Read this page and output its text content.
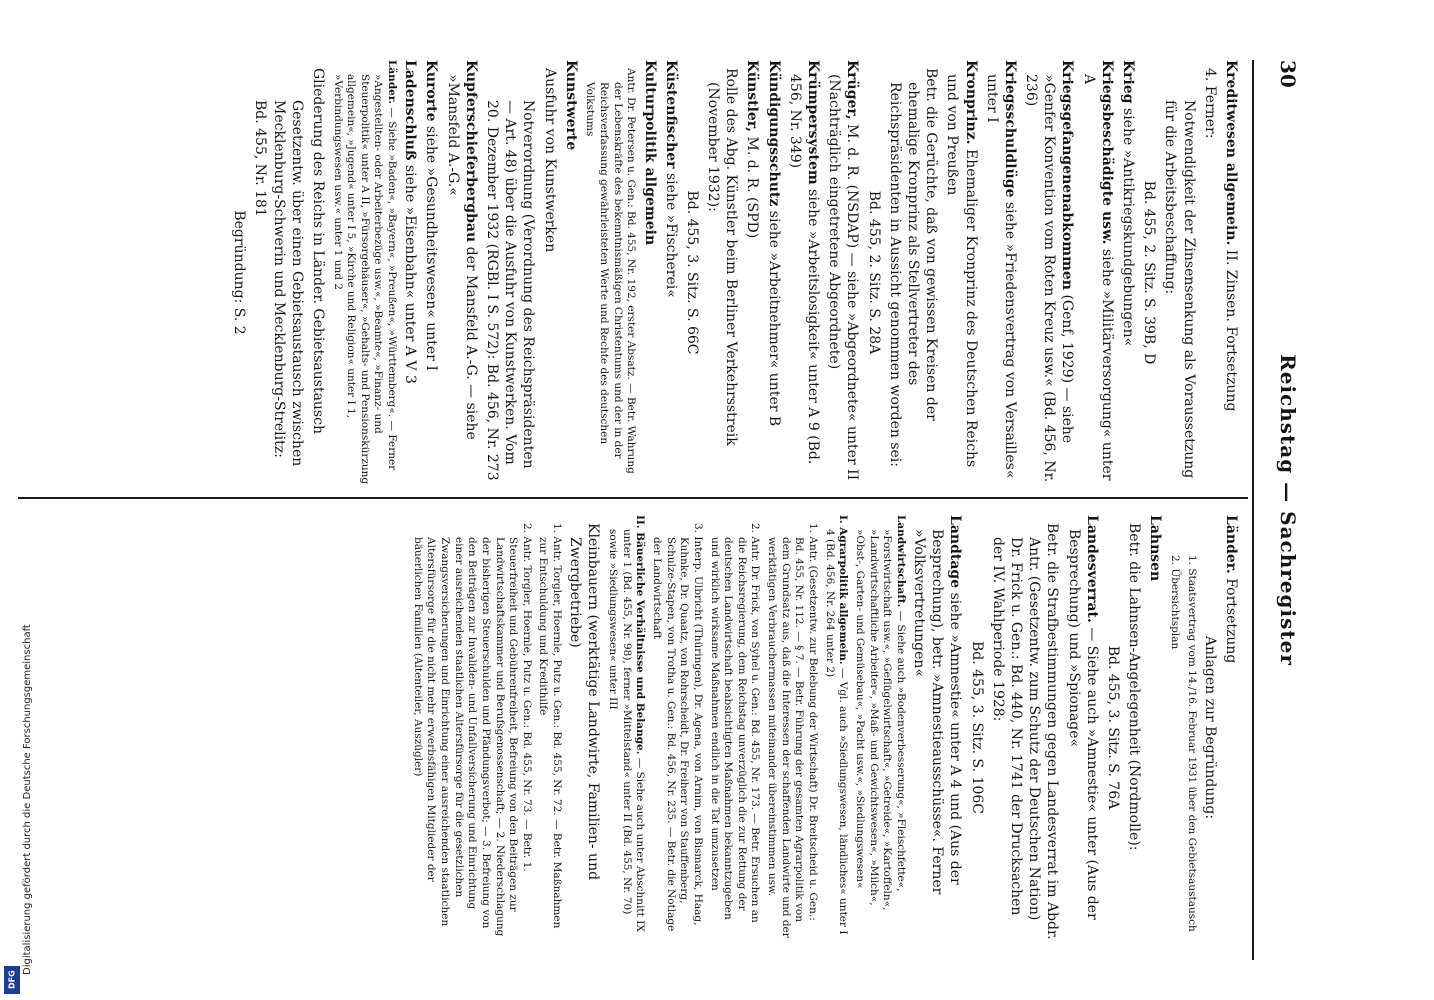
30
Reichstag — Sachregister

Kreditwesen allgemein. II. Zinsen. Fortsetzung

4. Ferner:

Notwendigkeit der Zinsensenkung als Voraussetzung für die Arbeitsbeschaffung:

Bd. 455, 2. Sitz. S. 39B, D

Krieg siehe »Antikriegskundgebungen«

Kriegsbeschädigte usw. siehe »Militärversorgung« unter A

Kriegsgefangenenabkommen (Genf, 1929) — siehe »Genfer Konvention vom Roten Kreuz usw.« (Bd. 456, Nr. 236)

Kriegsschuldlüge siehe »Friedensvertrag von Versailles« unter I

Kronprinz. Ehemaliger Kronprinz des Deutschen Reichs und von Preußen

Betr. die Gerüchte, daß von gewissen Kreisen der ehemalige Kronprinz als Stellvertreter des Reichspräsidenten in Aussicht genommen worden sei:

Bd. 455, 2. Sitz. S. 28A

Krüger, M. d. R. (NSDAP) — siehe »Abgeordnete« unter II (Nachträglich eingetretene Abgeordnete)

Krümpersystem siehe »Arbeitslosigkeit« unter A 9 (Bd. 456, Nr. 349)

Kündigungsschutz siehe »Arbeitnehmer« unter B

Künstler, M. d. R. (SPD)

Rolle des Abg. Künstler beim Berliner Verkehrsstreik (November 1932):

Bd. 455, 3. Sitz. S. 66C

Küstenfischer siehe »Fischerei«

Kulturpolitik allgemein

Antr. Dr. Petersen u. Gen.: Bd. 455, Nr. 192, erster Absatz. — Betr. Wahrung der Lebenskräfte des bekenntnismäßigen Christentums und der in der Reichsverfassung gewährleisteten Werte und Rechte des deutschen Volkstums

Kunstwerte

Ausfuhr von Kunstwerken

Notverordnung (Verordnung des Reichspräsidenten — Art. 48) über die Ausfuhr von Kunstwerken. Vom 20. Dezember 1932 (RGBl. I S. 572): Bd. 456, Nr. 273

Kupferschieferbergbau der Mansfeld A.-G. — siehe »Mansfeld A.-G.«

Kurorte siehe »Gesundheitswesen« unter I

Ladenschluß siehe »Eisenbahn« unter A V 3

Länder. — Siehe »Baden«, »Bayern«, »Preußen«, »Württemberg«. — Ferner »Angestellten- oder Arbeiterbezüge usw.«, »Beamte«, »Finanz- und Steuerpolitik« unter A II, »Fürsorgehäuser«, »Gehalts- und Pensionskürzung allgemein«, »Jugend« unter I 5, »Kirche und Religion« unter I 1, »Verbindungswesen usw.« unter 1 und 2

Gliederung des Reichs in Länder. Gebietsaustausch

Gesetzentw. über einen Gebietsaustausch zwischen Mecklenburg-Schwerin und Mecklenburg-Strelitz: Bd. 455, Nr. 181

Begründung: S. 2

Länder. Fortsetzung

Anlagen zur Begründung:

1. Staatsvertrag vom 14./16. Februar 1931 über den Gebietsaustausch

2. Übersichtsplan

Lahnsen

Betr. die Lahnsen-Angelegenheit (Nordmolle):

Bd. 455, 3. Sitz. S. 76A

Landesverrat. — Siehe auch »Amnestie« unter (Aus der Besprechung) und »Spionage«

Betr. die Strafbestimmungen gegen Landesverrat im Abdr. Antr. (Gesetzentw. zum Schutz der Deutschen Nation) Dr. Frick u. Gen.: Bd. 440, Nr. 1741 der Drucksachen der IV. Wahlperiode 1928:

Bd. 455, 3. Sitz. S. 106C

Landtage siehe »Amnestie« unter A 4 und (Aus der Besprechung), betr. »Amnestieausschüsse«. Ferner »Volksvertretungen«

Landwirtschaft. — Siehe auch »Bodenverbesserung«, »Fleischfette«, »Forstwirtschaft usw.«, »Geflügelwirtschaft«, »Getreide«, »Kartoffeln«, »Landwirtschaftliche Arbeiter«, »Maß- und Gewichtswesen«, »Milch«, »Obst-, Garten- und Gemüsebau«, »Pacht usw.«, »Siedlungswesen«

I. Agrarpolitik allgemein. — Vgl. auch »Siedlungswesen, ländliches« unter I 4 (Bd. 456, Nr. 264 unter 2)

1. Antr. (Gesetzentw. zur Belebung der Wirtschaft) Dr. Breitscheid u. Gen.: Bd. 455, Nr. 112. — § 7. — Betr. Führung der gesamten Agrarpolitik von dem Grundsatz aus, daß die Interessen der schaffenden Landwirte und der werktätigen Verbrauchermassen miteinander übereinstimmen usw.

2. Antr. Dr. Frick, von Syhel u. Gen.: Bd. 455, Nr. 173. — Betr. Ersuchen an die Reichsregierung, dem Reichstag unverzüglich die zur Rettung der deutschen Landwirtschaft beabsichtigten Maßnahmen bekanntzugeben und wirklich wirksame Maßnahmen endlich in die Tat umzusetzen

3. Interp. Ulbricht (Thüringen), Dr. Agena, von Arnim, von Bismarck, Haag, Kuhnke, Dr. Quaatz, von Rohrscheidt, Dr. Freiherr von Stauffenberg, Schulze-Stapen, von Trotha u. Gen.: Bd. 456, Nr. 235. — Betr. die Notlage der Landwirtschaft

II. Bäuerliche Verhältnisse und Belange. — Siehe auch unter Abschnitt IX unter 1 (Bd. 455, Nr. 98), ferner »Mittelstand« unter II (Bd. 455, Nr. 70) sowie »Siedlungswesen« unter III

Kleinbauern (werktätige Landwirte, Familien- und Zwergbetriebe)

1. Antr. Torgler, Hoernle, Putz u. Gen.: Bd. 455, Nr. 72. — Betr. Maßnahmen zur Entschuldung und Kredithilfe

2. Antr. Torgler, Hoernle, Putz u. Gen.: Bd. 455, Nr. 73. — Betr. 1. Steuerfreiheit und Gebührenfreiheit, Befreiung von den Beiträgen zur Landwirtschaftskammer und Berufsgenossenschaft; — 2. Niederschlagung der bisherigen Steuerschulden und Pfändungsverbot; — 3. Befreiung von den Beiträgen zur Invaliden- und Unfallversicherung und Einrichtung einer ausreichenden staatlichen Altersfürsorge für die gesetzlichen Zwangsversicherungen und Einrichtung einer ausreichenden staatlichen Altersfürsorge für die nicht mehr erwerbsfähigen Mitglieder der bäuerlichen Familien (Altenteiler, Auszügler)

Digitalisierung gefördert durch die Deutsche Forschungsgemeinschaft
DFG
